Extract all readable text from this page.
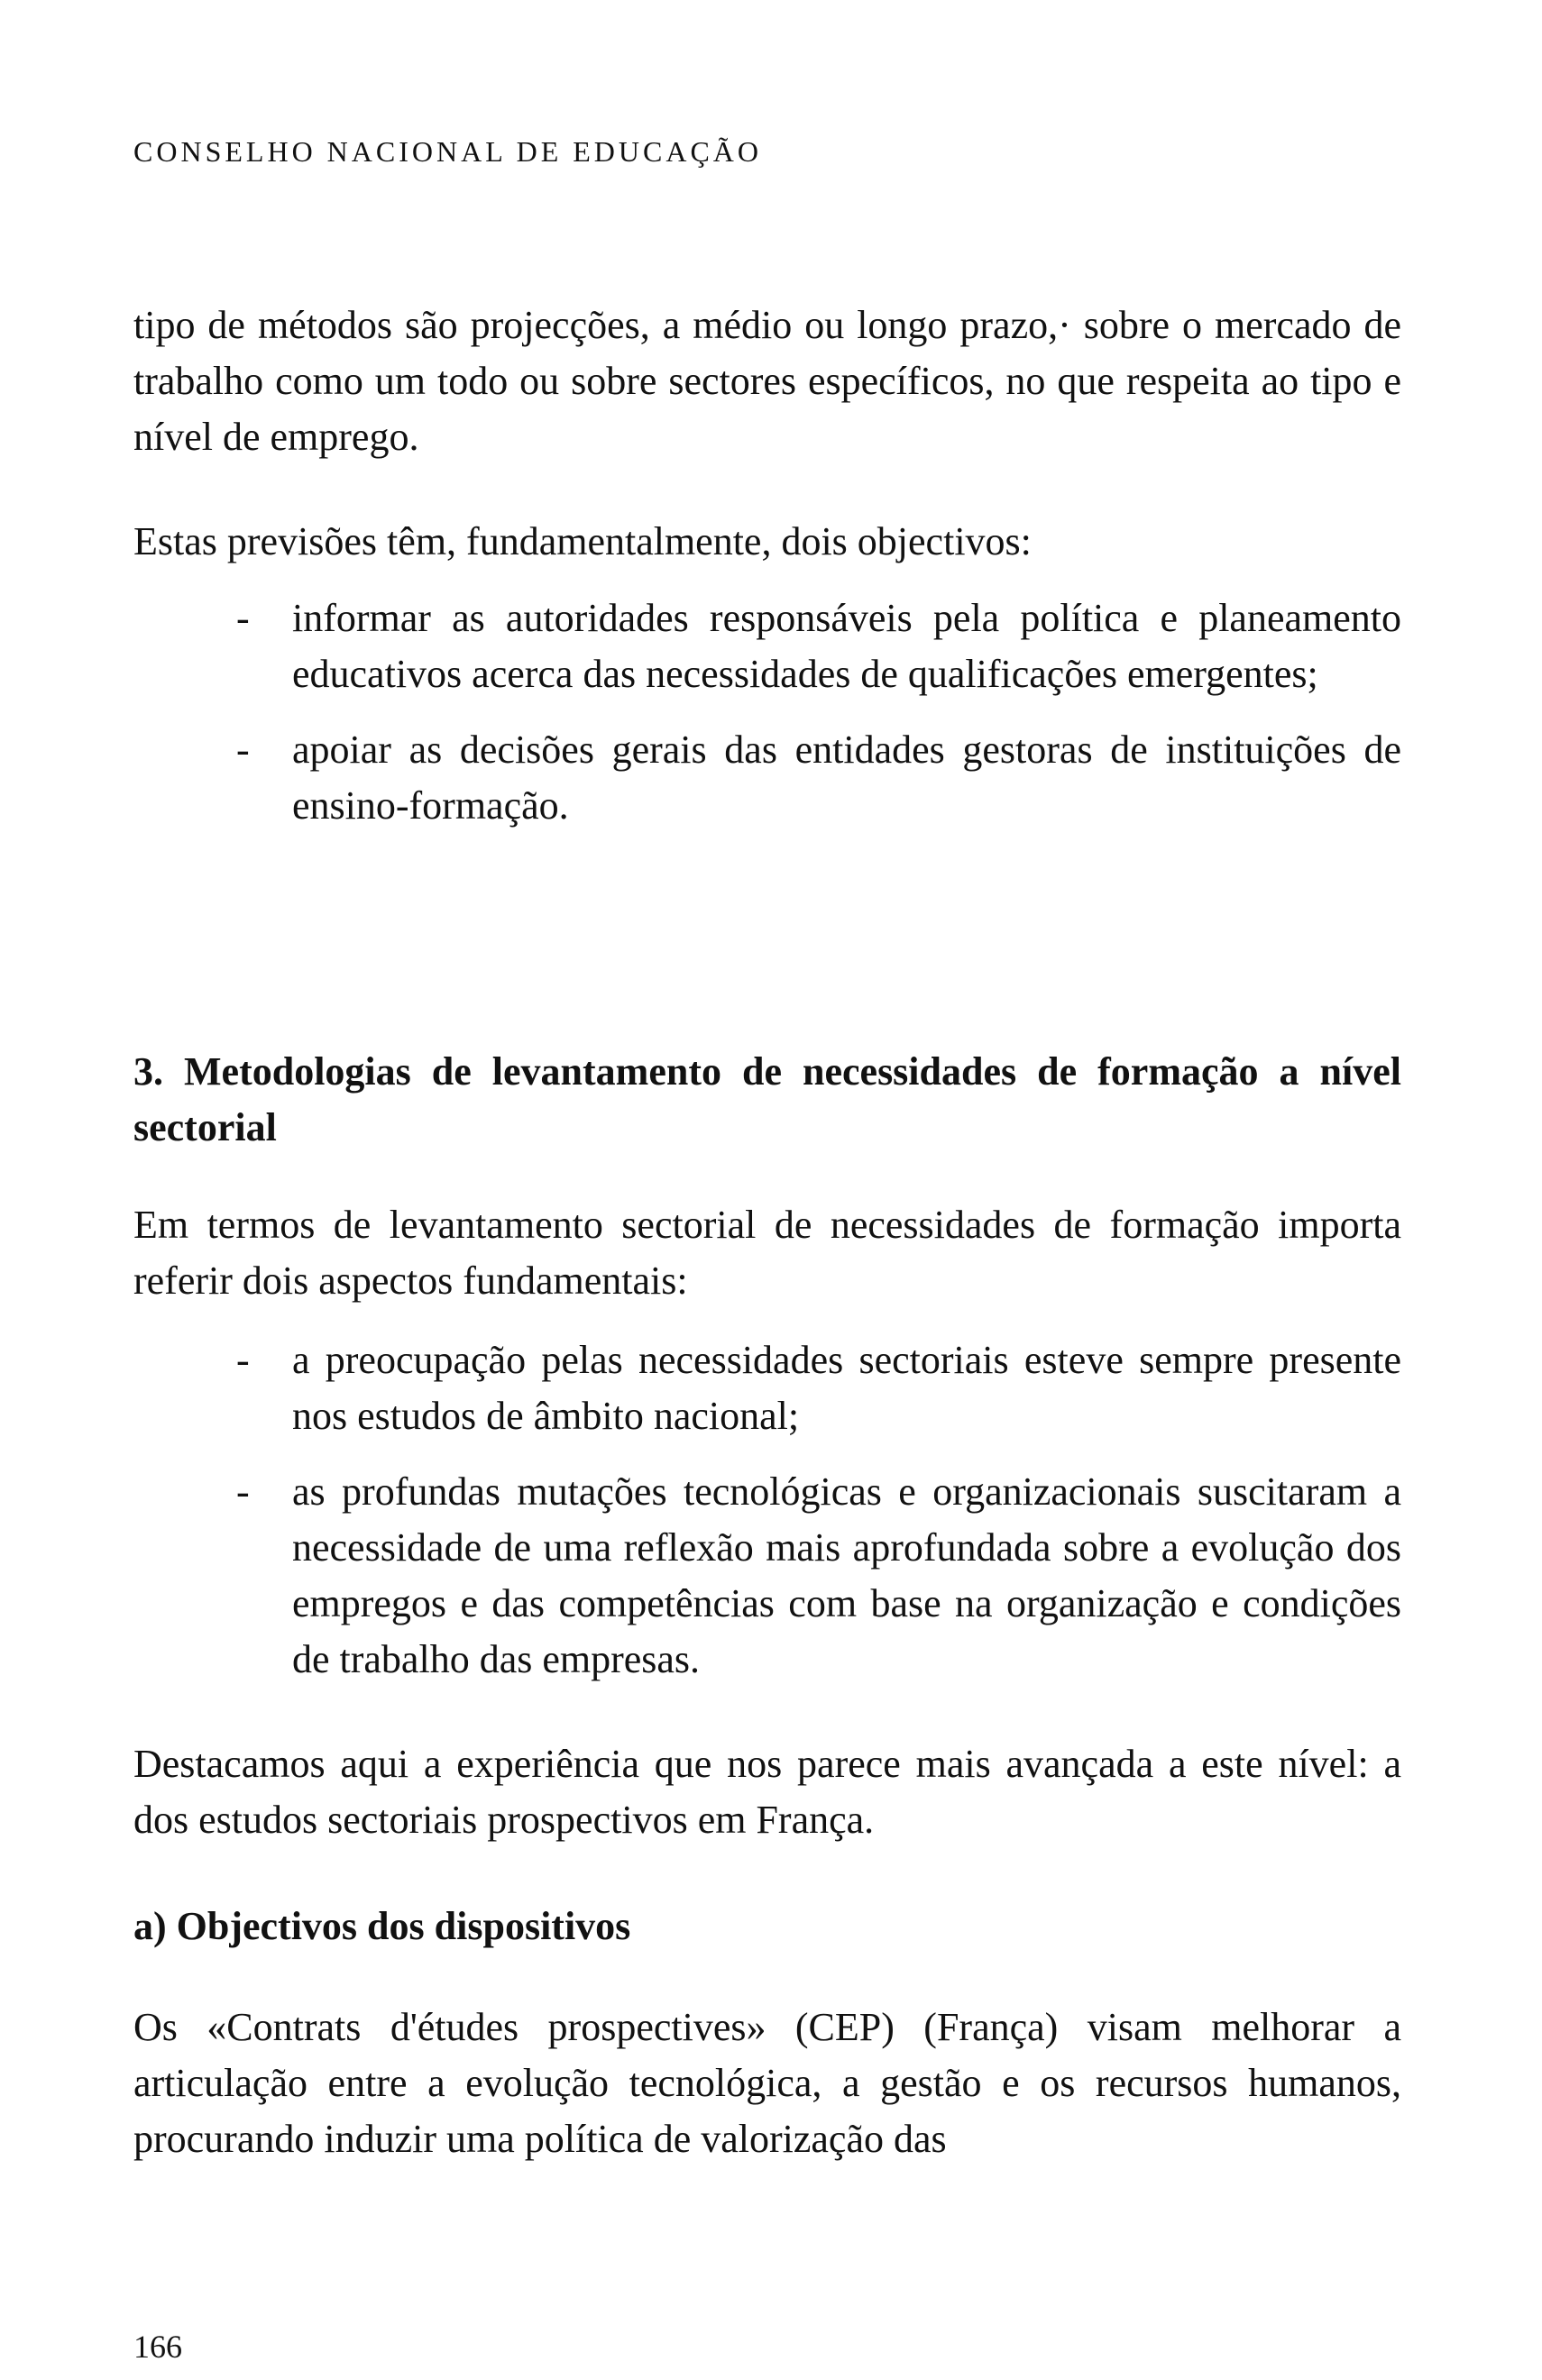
CONSELHO NACIONAL DE EDUCAÇÃO

tipo de métodos são projecções, a médio ou longo prazo,· sobre o mercado de trabalho como um todo ou sobre sectores específicos, no que respeita ao tipo e nível de emprego.

Estas previsões têm, fundamentalmente, dois objectivos:

- informar as autoridades responsáveis pela política e planeamento educativos acerca das necessidades de qualificações emergentes;
- apoiar as decisões gerais das entidades gestoras de instituições de ensino-formação.
3. Metodologias de levantamento de necessidades de formação a nível sectorial

Em termos de levantamento sectorial de necessidades de formação importa referir dois aspectos fundamentais:

- a preocupação pelas necessidades sectoriais esteve sempre presente nos estudos de âmbito nacional;
- as profundas mutações tecnológicas e organizacionais suscitaram a necessidade de uma reflexão mais aprofundada sobre a evolução dos empregos e das competências com base na organização e condições de trabalho das empresas.

Destacamos aqui a experiência que nos parece mais avançada a este nível: a dos estudos sectoriais prospectivos em França.

a) Objectivos dos dispositivos

Os «Contrats d'études prospectives» (CEP) (França) visam melhorar a articulação entre a evolução tecnológica, a gestão e os recursos humanos, procurando induzir uma política de valorização das

166
